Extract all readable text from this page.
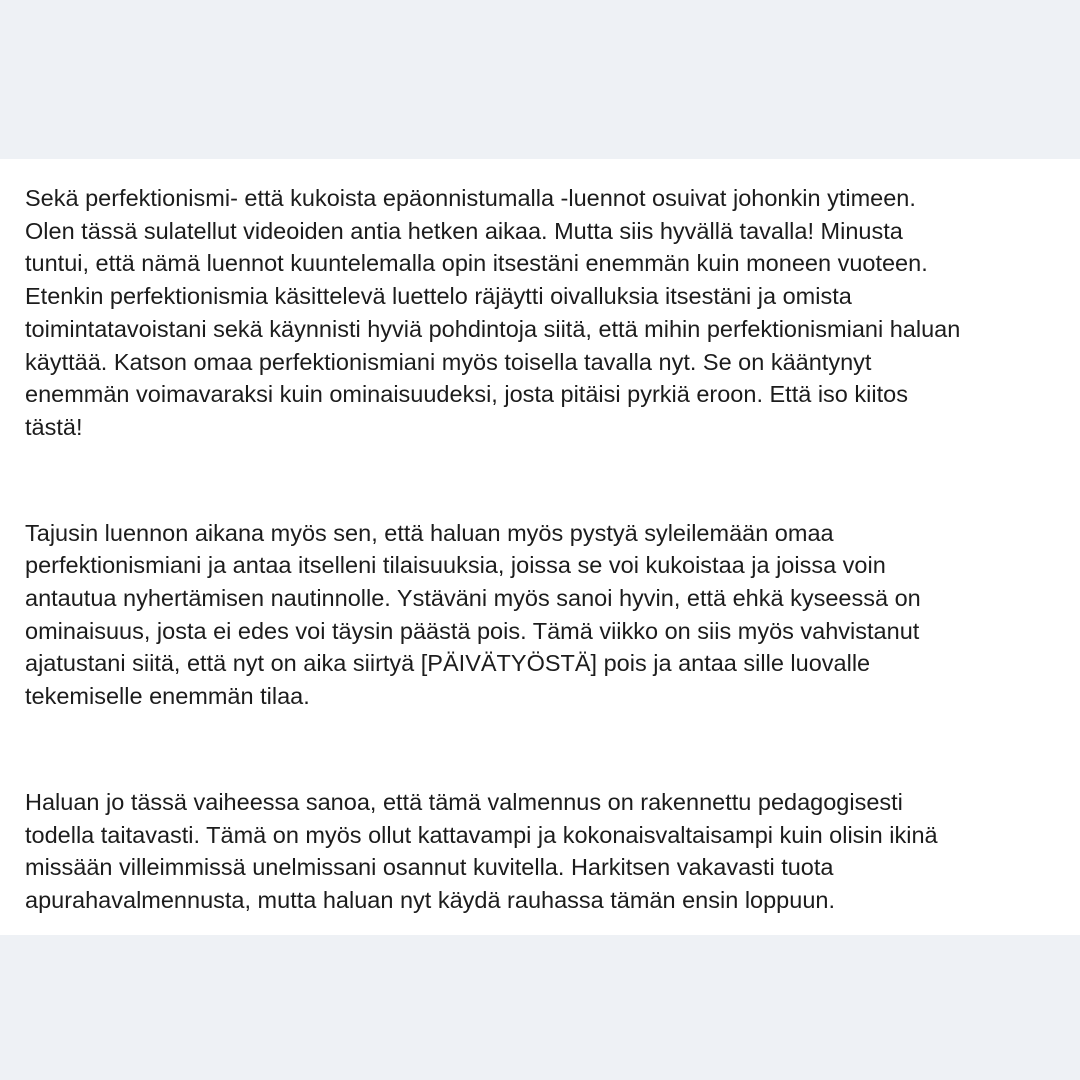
Sekä perfektionismi- että kukoista epäonnistumalla -luennot osuivat johonkin ytimeen.
Olen tässä sulatellut videoiden antia hetken aikaa. Mutta siis hyvällä tavalla! Minusta
tuntui, että nämä luennot kuuntelemalla opin itsestäni enemmän kuin moneen vuoteen.
Etenkin perfektionismia käsittelevä luettelo räjäytti oivalluksia itsestäni ja omista
toimintatavoistani sekä käynnisti hyviä pohdintoja siitä, että mihin perfektionismiani haluan
käyttää. Katson omaa perfektionismiani myös toisella tavalla nyt. Se on kääntynyt
enemmän voimavaraksi kuin ominaisuudeksi, josta pitäisi pyrkiä eroon. Että iso kiitos
tästä!

Tajusin luennon aikana myös sen, että haluan myös pystyä syleilemään omaa
perfektionismiani ja antaa itselleni tilaisuuksia, joissa se voi kukoistaa ja joissa voin
antautua nyhertämisen nautinnolle. Ystäväni myös sanoi hyvin, että ehkä kyseessä on
ominaisuus, josta ei edes voi täysin päästä pois. Tämä viikko on siis myös vahvistanut
ajatustani siitä, että nyt on aika siirtyä [PÄIVÄTYÖSTÄ] pois ja antaa sille luovalle
tekemiselle enemmän tilaa.

Haluan jo tässä vaiheessa sanoa, että tämä valmennus on rakennettu pedagogisesti
todella taitavasti. Tämä on myös ollut kattavampi ja kokonaisvaltaisampi kuin olisin ikinä
missään villeimmissä unelmissani osannut kuvitella. Harkitsen vakavasti tuota
apurahavalmennusta, mutta haluan nyt käydä rauhassa tämän ensin loppuun.
